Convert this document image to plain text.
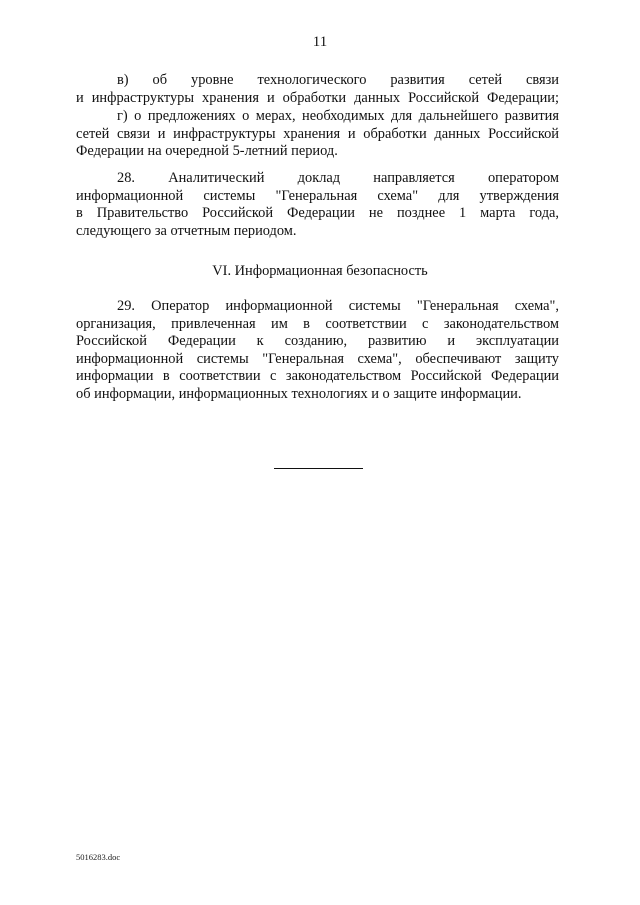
11
в) об уровне технологического развития сетей связи
и инфраструктуры хранения и обработки данных Российской Федерации;
г) о предложениях о мерах, необходимых для дальнейшего развития
сетей связи и инфраструктуры хранения и обработки данных Российской
Федерации на очередной 5-летний период.
28. Аналитический доклад направляется оператором
информационной системы "Генеральная схема" для утверждения
в Правительство Российской Федерации не позднее 1 марта года,
следующего за отчетным периодом.
VI. Информационная безопасность
29. Оператор информационной системы "Генеральная схема",
организация, привлеченная им в соответствии с законодательством
Российской Федерации к созданию, развитию и эксплуатации
информационной системы "Генеральная схема", обеспечивают защиту
информации в соответствии с законодательством Российской Федерации
об информации, информационных технологиях и о защите информации.
5016283.doc
